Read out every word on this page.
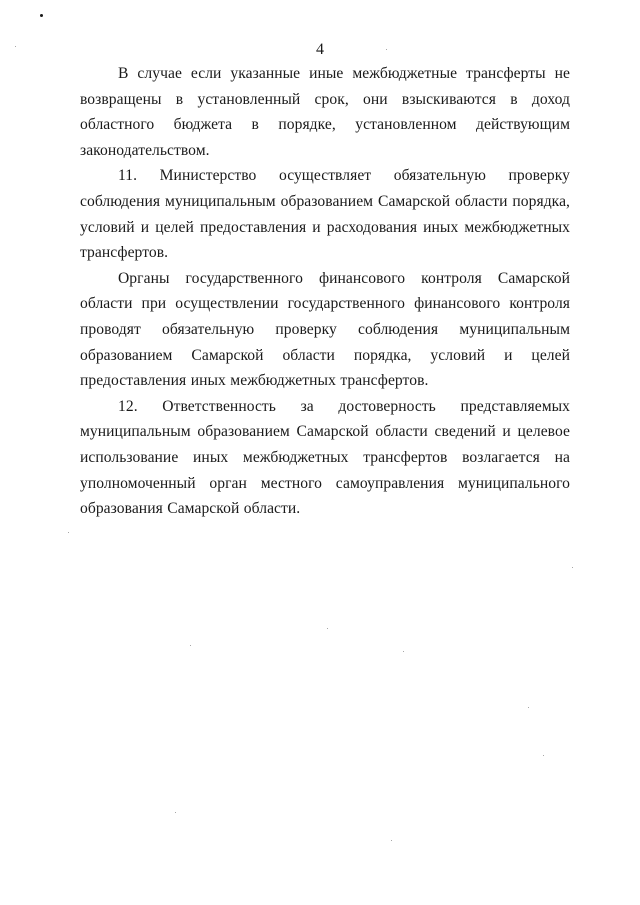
4

В случае если указанные иные межбюджетные трансферты не возвращены в установленный срок, они взыскиваются в доход областного бюджета в порядке, установленном действующим законодательством.

11. Министерство осуществляет обязательную проверку соблюдения муниципальным образованием Самарской области порядка, условий и целей предоставления и расходования иных межбюджетных трансфертов.

Органы государственного финансового контроля Самарской области при осуществлении государственного финансового контроля проводят обязательную проверку соблюдения муниципальным образованием Самарской области порядка, условий и целей предоставления иных межбюджетных трансфертов.

12. Ответственность за достоверность представляемых муниципальным образованием Самарской области сведений и целевое использование иных межбюджетных трансфертов возлагается на уполномоченный орган местного самоуправления муниципального образования Самарской области.
